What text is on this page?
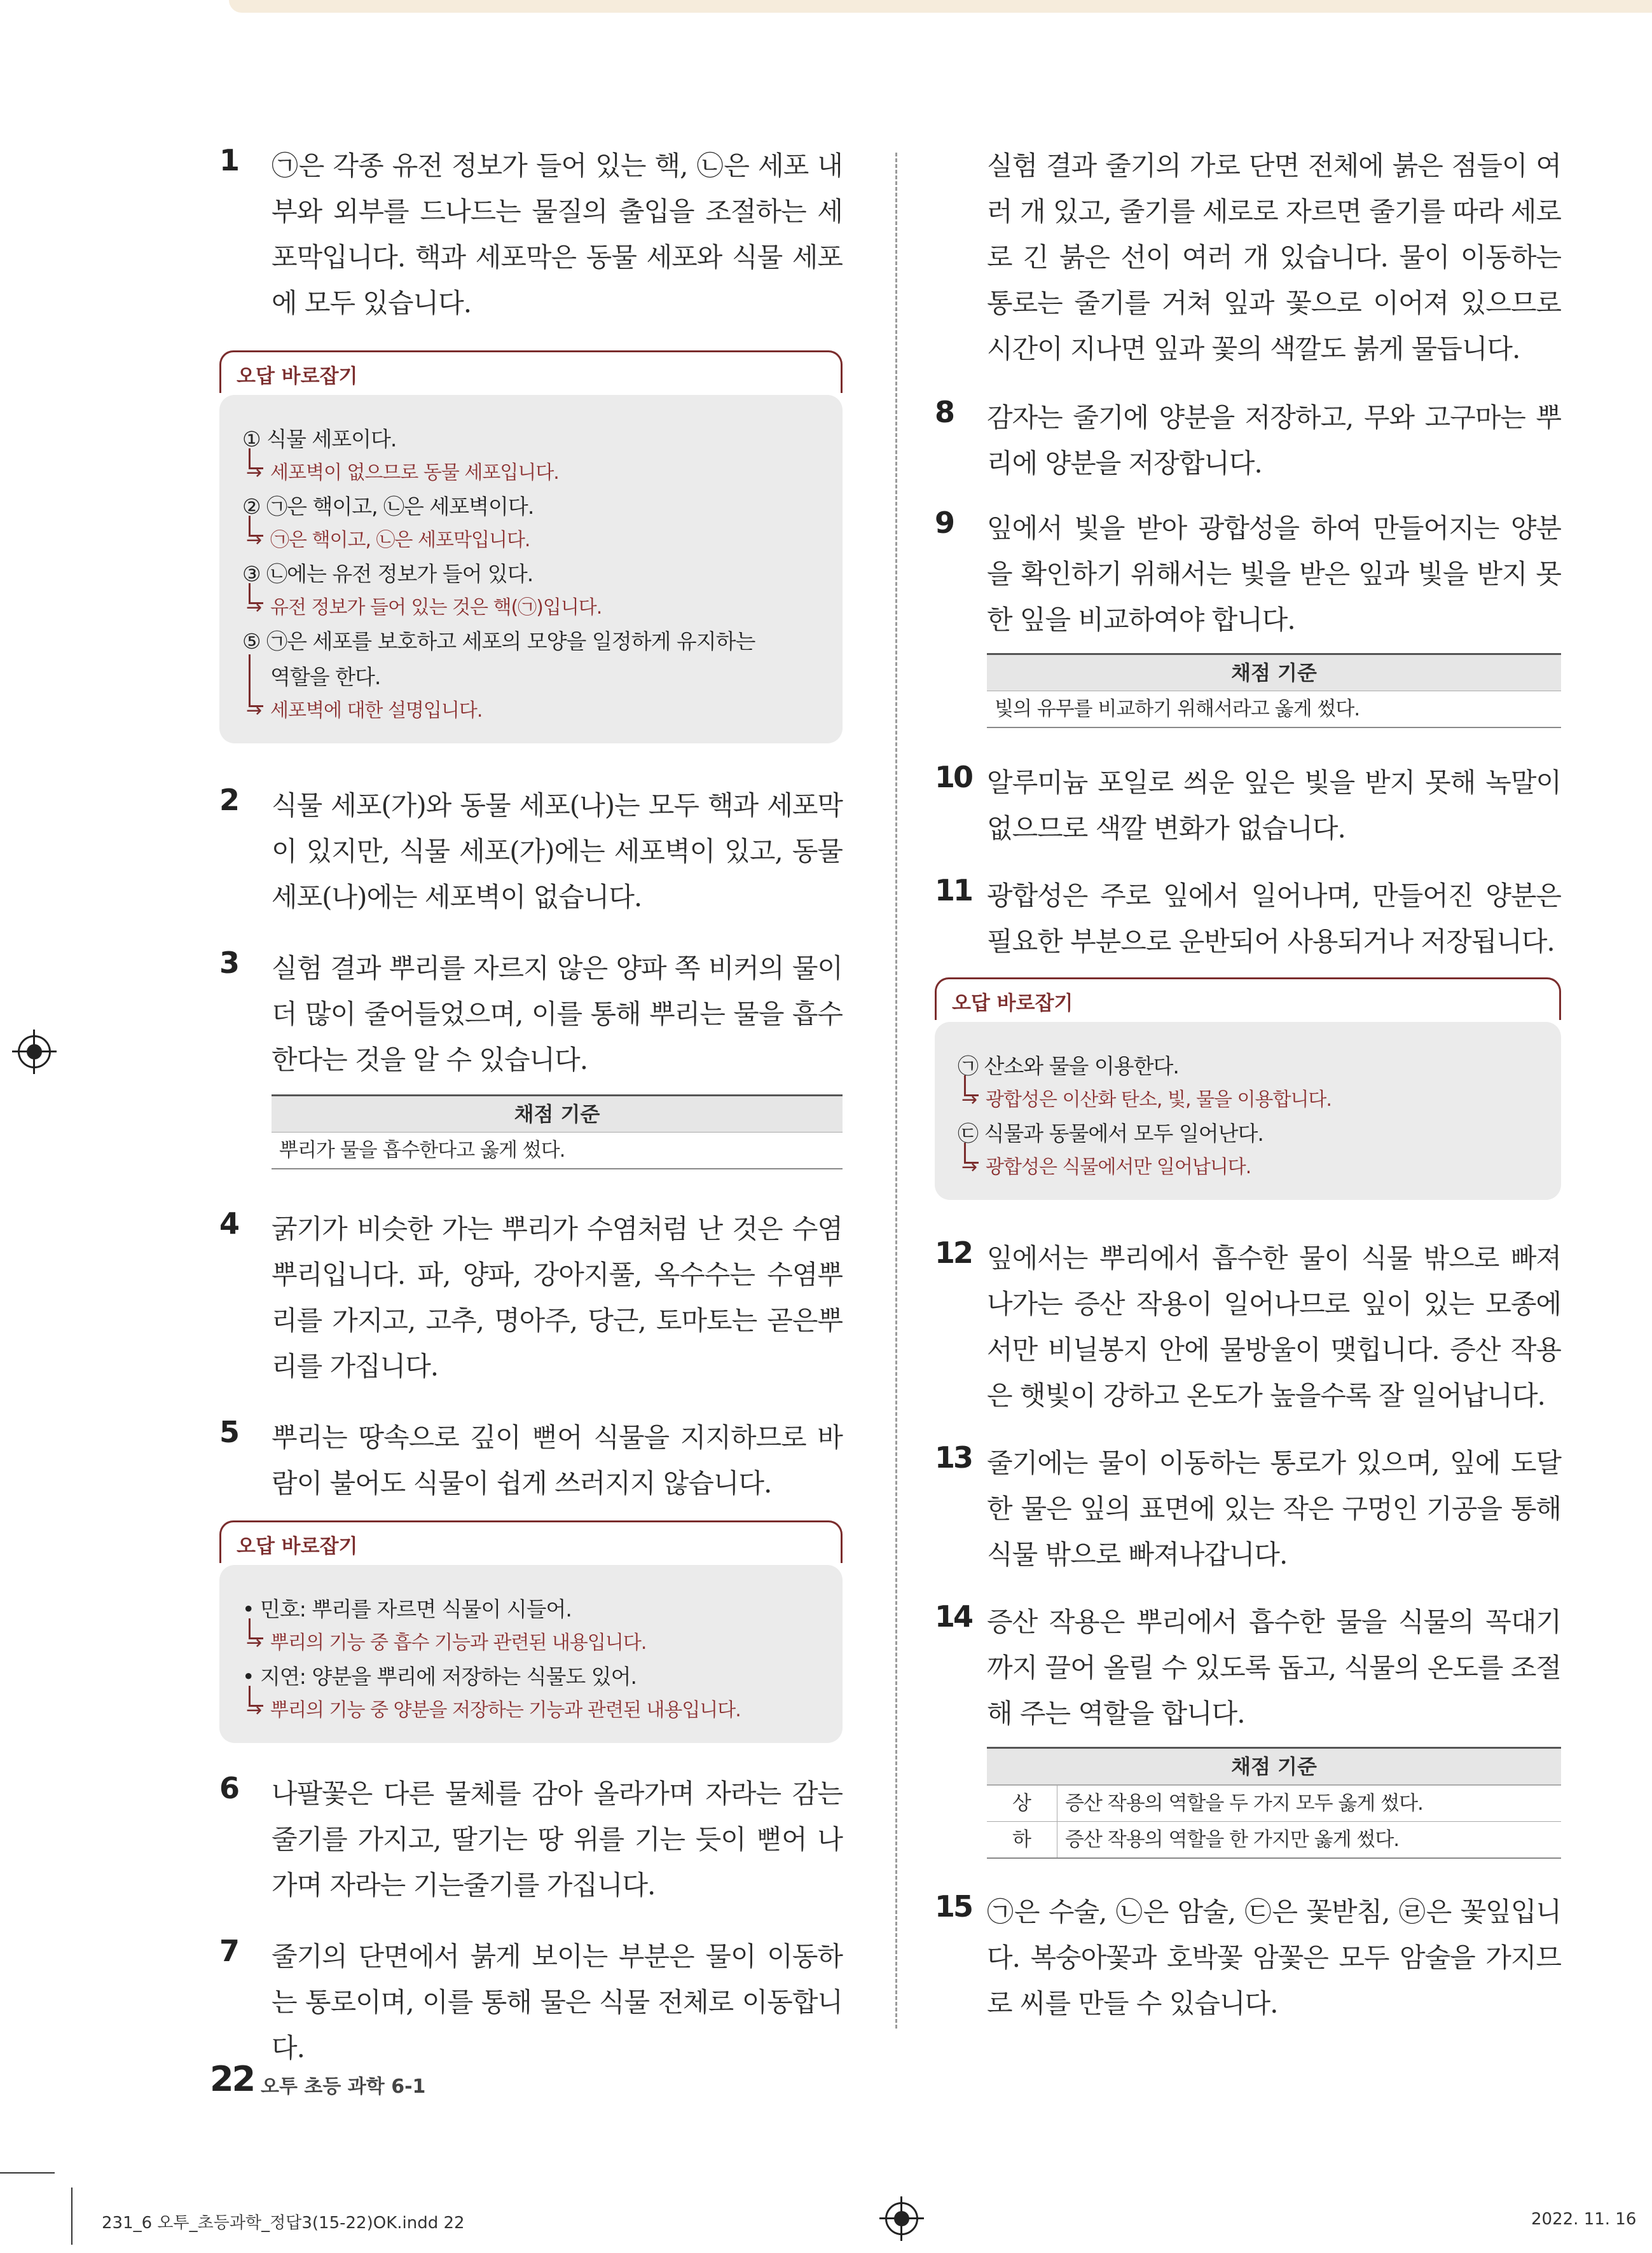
1 ㉠은 각종 유전 정보가 들어 있는 핵, ㉡은 세포 내부와 외부를 드나드는 물질의 출입을 조절하는 세포막입니다. 핵과 세포막은 동물 세포와 식물 세포에 모두 있습니다.
오답 바로잡기
① 식물 세포이다.
→ 세포벽이 없으므로 동물 세포입니다.
② ㉠은 핵이고, ㉡은 세포벽이다.
→ ㉠은 핵이고, ㉡은 세포막입니다.
③ ㉡에는 유전 정보가 들어 있다.
→ 유전 정보가 들어 있는 것은 핵(㉠)입니다.
⑤ ㉠은 세포를 보호하고 세포의 모양을 일정하게 유지하는
역할을 한다.
→ 세포벽에 대한 설명입니다.
2 식물 세포(가)와 동물 세포(나)는 모두 핵과 세포막이 있지만, 식물 세포(가)에는 세포벽이 있고, 동물 세포(나)에는 세포벽이 없습니다.
3 실험 결과 뿌리를 자르지 않은 양파 쪽 비커의 물이 더 많이 줄어들었으며, 이를 통해 뿌리는 물을 흡수한다는 것을 알 수 있습니다.
채점 기준
뿌리가 물을 흡수한다고 옳게 썼다.
4 굵기가 비슷한 가는 뿌리가 수염처럼 난 것은 수염뿌리입니다. 파, 양파, 강아지풀, 옥수수는 수염뿌리를 가지고, 고추, 명아주, 당근, 토마토는 곧은뿌리를 가집니다.
5 뿌리는 땅속으로 깊이 뻗어 식물을 지지하므로 바람이 불어도 식물이 쉽게 쓰러지지 않습니다.
오답 바로잡기
• 민호: 뿌리를 자르면 식물이 시들어.
→ 뿌리의 기능 중 흡수 기능과 관련된 내용입니다.
• 지연: 양분을 뿌리에 저장하는 식물도 있어.
→ 뿌리의 기능 중 양분을 저장하는 기능과 관련된 내용입니다.
6 나팔꽃은 다른 물체를 감아 올라가며 자라는 감는줄기를 가지고, 딸기는 땅 위를 기는 듯이 뻗어 나가며 자라는 기는줄기를 가집니다.
7 줄기의 단면에서 붉게 보이는 부분은 물이 이동하는 통로이며, 이를 통해 물은 식물 전체로 이동합니다.
실험 결과 줄기의 가로 단면 전체에 붉은 점들이 여러 개 있고, 줄기를 세로로 자르면 줄기를 따라 세로로 긴 붉은 선이 여러 개 있습니다. 물이 이동하는 통로는 줄기를 거쳐 잎과 꽃으로 이어져 있으므로 시간이 지나면 잎과 꽃의 색깔도 붉게 물듭니다.
8 감자는 줄기에 양분을 저장하고, 무와 고구마는 뿌리에 양분을 저장합니다.
9 잎에서 빛을 받아 광합성을 하여 만들어지는 양분을 확인하기 위해서는 빛을 받은 잎과 빛을 받지 못한 잎을 비교하여야 합니다.
채점 기준
빛의 유무를 비교하기 위해서라고 옳게 썼다.
10 알루미늄 포일로 씌운 잎은 빛을 받지 못해 녹말이 없으므로 색깔 변화가 없습니다.
11 광합성은 주로 잎에서 일어나며, 만들어진 양분은 필요한 부분으로 운반되어 사용되거나 저장됩니다.
오답 바로잡기
㉠ 산소와 물을 이용한다.
→ 광합성은 이산화 탄소, 빛, 물을 이용합니다.
㉢ 식물과 동물에서 모두 일어난다.
→ 광합성은 식물에서만 일어납니다.
12 잎에서는 뿌리에서 흡수한 물이 식물 밖으로 빠져나가는 증산 작용이 일어나므로 잎이 있는 모종에서만 비닐봉지 안에 물방울이 맺힙니다. 증산 작용은 햇빛이 강하고 온도가 높을수록 잘 일어납니다.
13 줄기에는 물이 이동하는 통로가 있으며, 잎에 도달한 물은 잎의 표면에 있는 작은 구멍인 기공을 통해 식물 밖으로 빠져나갑니다.
14 증산 작용은 뿌리에서 흡수한 물을 식물의 꼭대기까지 끌어 올릴 수 있도록 돕고, 식물의 온도를 조절해 주는 역할을 합니다.
채점 기준
상	증산 작용의 역할을 두 가지 모두 옳게 썼다.
하	증산 작용의 역할을 한 가지만 옳게 썼다.
15 ㉠은 수술, ㉡은 암술, ㉢은 꽃받침, ㉣은 꽃잎입니다. 복숭아꽃과 호박꽃 암꽃은 모두 암술을 가지므로 씨를 만들 수 있습니다.
22 오투 초등 과학 6-1
231_6 오투_초등과학_정답3(15-22)OK.indd 22	2022. 11. 16
